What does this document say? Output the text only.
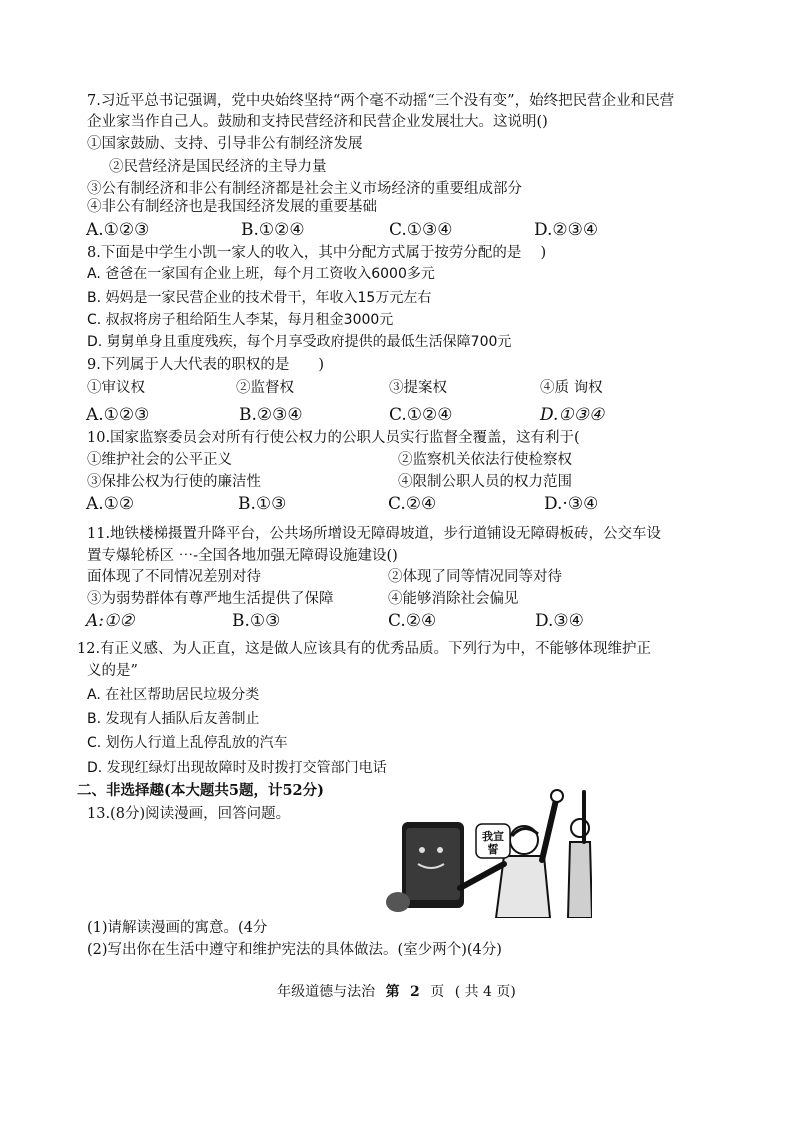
7.习近平总书记强调，党中央始终坚持“两个毫不动摇“三个没有变”，始终把民营企业和民营
企业家当作自己人。鼓励和支持民营经济和民营企业发展壮大。这说明()
①国家鼓励、支持、引导非公有制经济发展
②民营经济是国民经济的主导力量
③公有制经济和非公有制经济都是社会主义市场经济的重要组成部分
④非公有制经济也是我国经济发展的重要基础
A.①②③	B.①②④	C.①③④	D.②③④
8.下面是中学生小凯一家人的收入，其中分配方式属于按劳分配的是　 )
A. 爸爸在一家国有企业上班，每个月工资收入6000多元
B. 妈妈是一家民营企业的技术骨干，年收入15万元左右
C. 叔叔将房子租给陌生人李某，每月租金3000元
D. 舅舅单身且重度残疾，每个月享受政府提供的最低生活保障700元
9.下列属于人大代表的职权的是　　)
①审议权	②监督权	③提案权	④质 询权
A.①②③	B.②③④	C.①②④	D.①③④
10.国家监察委员会对所有行使公权力的公职人员实行监督全覆盖，这有利于(
①维护社会的公平正义	②监察机关依法行使检察权
③保排公权为行使的廉洁性	④限制公职人员的权力范围
A.①②	B.①③	C.②④	D.·③④
11.地铁楼梯摄置升降平台，公共场所增设无障碍坡道，步行道铺设无障碍板砖，公交车设
置专爆轮桥区 ⋯-全国各地加强无障碍设施建设()
面体现了不同情况差别对待	②体现了同等情况同等对待
③为弱势群体有尊严地生活提供了保障	④能够消除社会偏见
A:①②	B.①③	C.②④	D.③④
12.有正义感、为人正直，这是做人应该具有的优秀品质。下列行为中，不能够体现维护正
义的是”
A. 在社区帮助居民垃圾分类
B. 发现有人插队后友善制止
C. 划伤人行道上乱停乱放的汽车
D. 发现红绿灯出现故障时及时拨打交管部门电话
二、非选择趣(本大题共5题，计52分)
13.(8分)阅读漫画，回答问题。
我宣誓
(1)请解读漫画的寓意。(4分
(2)写出你在生活中遵守和维护宪法的具体做法。(室少两个)(4分)
年级道德与法治 第 2 页 ( 共 4 页)
